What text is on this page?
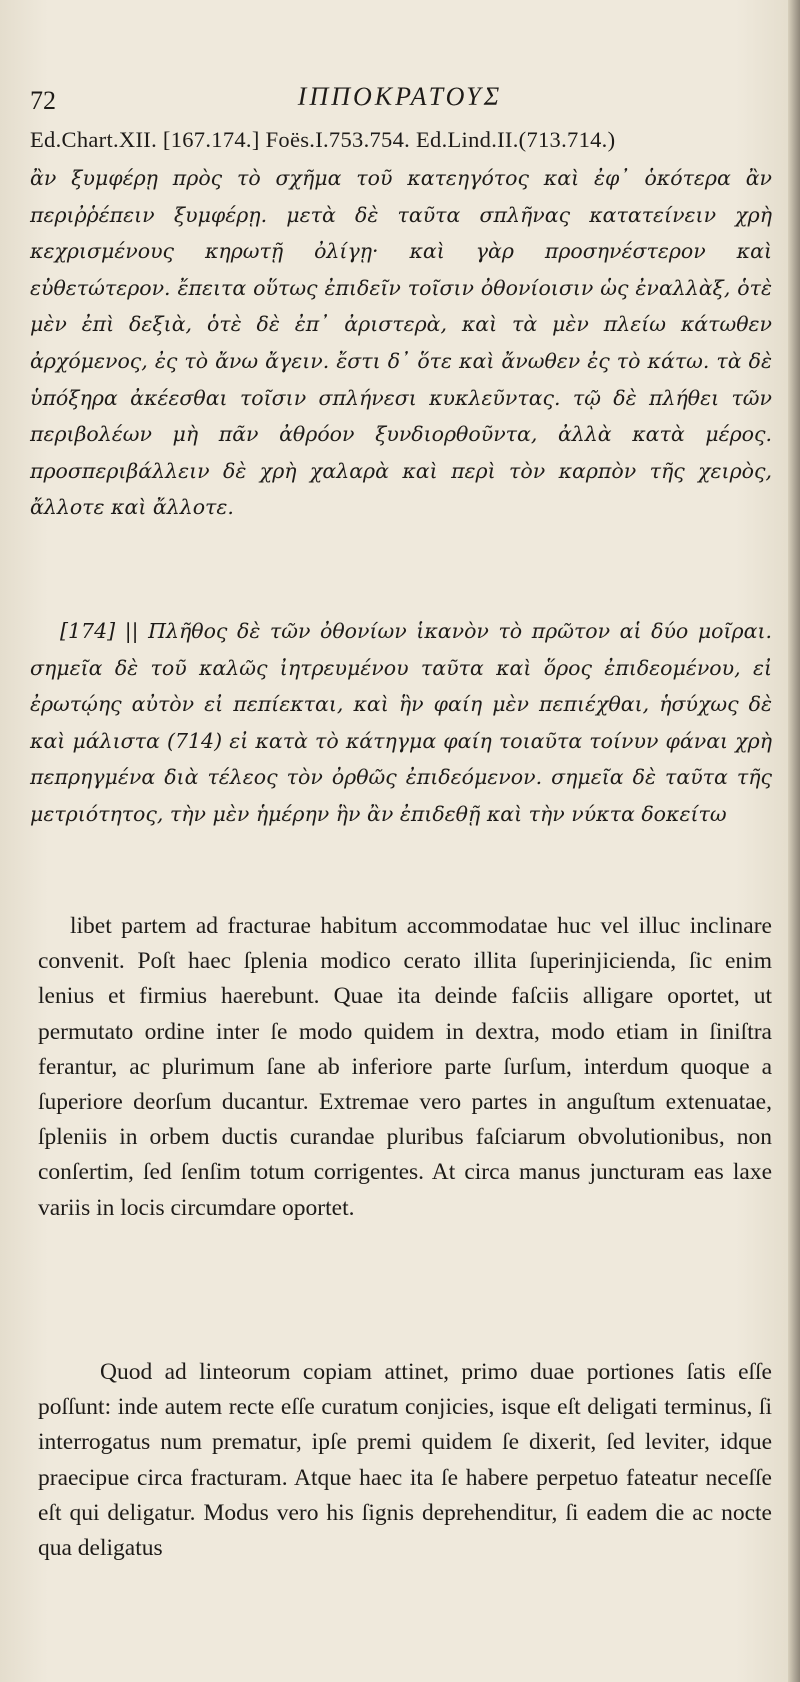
72	ΙΠΠΟΚΡΑΤΟΥΣ
Ed.Chart.XII. [167.174.] Foës.I.753.754. Ed.Lind.II.(713.714.)

ἂν ξυμφέρῃ πρὸς τὸ σχῆμα τοῦ κατεηγότος καὶ ἐφ᾿ ὁκότερα ἂν περιῤῥέπειν ξυμφέρῃ. μετὰ δὲ ταῦτα σπλῆνας κατατείνειν χρὴ κεχρισμένους κηρωτῇ ὀλίγῃ· καὶ γὰρ προσηνέστερον καὶ εὐθετώτερον. ἔπειτα οὕτως ἐπιδεῖν τοῖσιν ὀθονίοισιν ὡς ἐναλλὰξ, ὁτὲ μὲν ἐπὶ δεξιὰ, ὁτὲ δὲ ἐπ᾿ ἀριστερὰ, καὶ τὰ μὲν πλείω κάτωθεν ἀρχόμενος, ἐς τὸ ἄνω ἄγειν. ἔστι δ᾿ ὅτε καὶ ἄνωθεν ἐς τὸ κάτω. τὰ δὲ ὑπόξηρα ἀκέεσθαι τοῖσιν σπλήνεσι κυκλεῦντας. τῷ δὲ πλήθει τῶν περιβολέων μὴ πᾶν ἀθρόον ξυνδιορθοῦντα, ἀλλὰ κατὰ μέρος. προσπεριβάλλειν δὲ χρὴ χαλαρὰ καὶ περὶ τὸν καρπὸν τῆς χειρὸς, ἄλλοτε καὶ ἄλλοτε.

[174] || Πλῆθος δὲ τῶν ὀθονίων ἱκανὸν τὸ πρῶτον αἱ δύο μοῖραι. σημεῖα δὲ τοῦ καλῶς ἰητρευμένου ταῦτα καὶ ὅρος ἐπιδεομένου, εἰ ἐρωτῴης αὐτὸν εἰ πεπίεκται, καὶ ἣν φαίη μὲν πεπιέχθαι, ἡσύχως δὲ καὶ μάλιστα (714) εἰ κατὰ τὸ κάτηγμα φαίη τοιαῦτα τοίνυν φάναι χρὴ πεπρηγμένα διὰ τέλεος τὸν ὀρθῶς ἐπιδεόμενον. σημεῖα δὲ ταῦτα τῆς μετριότητος, τὴν μὲν ἡμέρην ἣν ἂν ἐπιδεθῇ καὶ τὴν νύκτα δοκείτω

libet partem ad fracturae habitum accommodatae huc vel illuc inclinare convenit. Poſt haec ſplenia modico cerato illita ſuperinjicienda, ſic enim lenius et firmius haerebunt. Quae ita deinde faſciis alligare oportet, ut permutato ordine inter ſe modo quidem in dextra, modo etiam in ſiniſtra ferantur, ac plurimum ſane ab inferiore parte ſurſum, interdum quoque a ſuperiore deorſum ducantur. Extremae vero partes in anguſtum extenuatae, ſpleniis in orbem ductis curandae pluribus faſciarum obvolutionibus, non conſertim, ſed ſenſim totum corrigentes. At circa manus juncturam eas laxe variis in locis circumdare oportet.

Quod ad linteorum copiam attinet, primo duae portiones ſatis eſſe poſſunt: inde autem recte eſſe curatum conjicies, isque eſt deligati terminus, ſi interrogatus num prematur, ipſe premi quidem ſe dixerit, ſed leviter, idque praecipue circa fracturam. Atque haec ita ſe habere perpetuo fateatur neceſſe eſt qui deligatur. Modus vero his ſignis deprehenditur, ſi eadem die ac nocte qua deligatus
